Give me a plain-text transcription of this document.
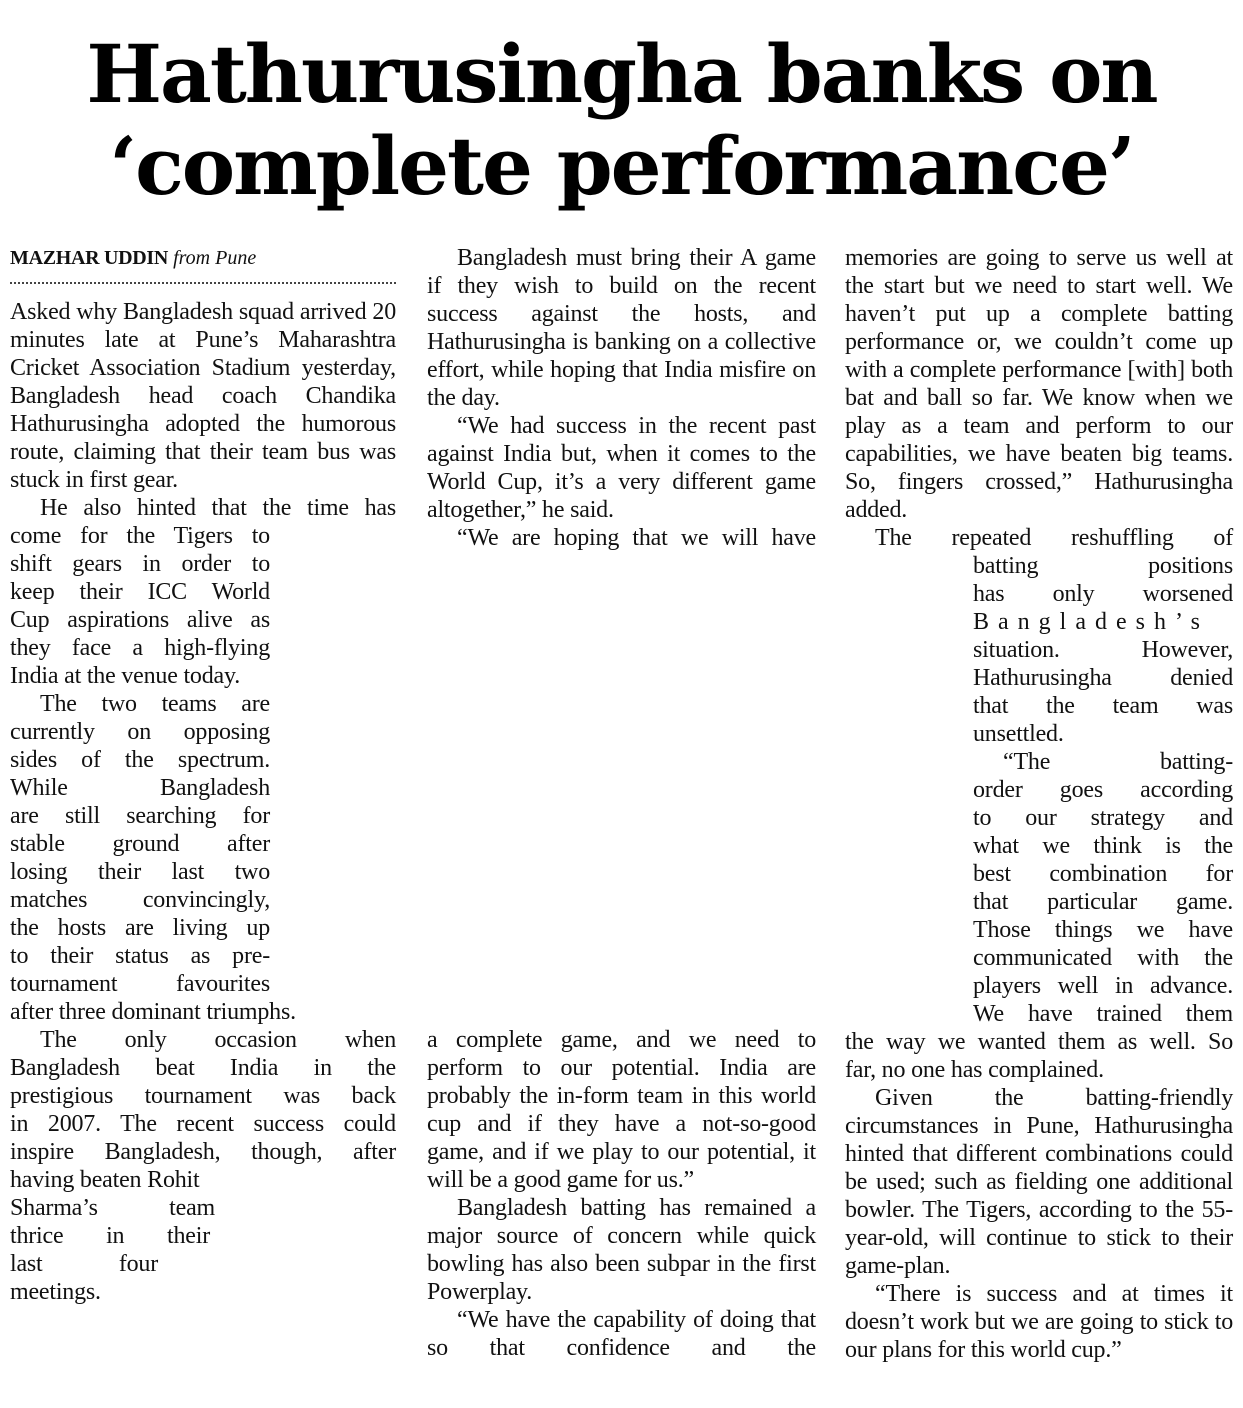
Hathurusingha banks on
‘complete performance’
MAZHAR UDDIN from Pune

Asked why Bangladesh squad arrived 20 minutes late at Pune’s Maharashtra Cricket Association Stadium yesterday, Bangladesh head coach Chandika Hathurusingha adopted the humorous route, claiming that their team bus was stuck in first gear.

He also hinted that the time has
come for the Tigers to
shift gears in order to
keep their ICC World
Cup aspirations alive as
they face a high-flying
India at the venue today.
The two teams are
currently on opposing
sides of the spectrum.
While Bangladesh
are still searching for
stable ground after
losing their last two
matches convincingly,
the hosts are living up
to their status as pre-
tournament favourites
after three dominant triumphs.
The only occasion when
Bangladesh beat India in the
prestigious tournament was back
in 2007. The recent success could
inspire Bangladesh, though, after
having beaten Rohit
Sharma’s team
thrice in their
last four
meetings.

Bangladesh must bring their A game if they wish to build on the recent success against the hosts, and Hathurusingha is banking on a collective effort, while hoping that India misfire on the day.

“We had success in the recent past against India but, when it comes to the World Cup, it’s a very different game altogether,” he said.

“We are hoping that we will have

a complete game, and we need to perform to our potential. India are probably the in-form team in this world cup and if they have a not-so-good game, and if we play to our potential, it will be a good game for us.”

Bangladesh batting has remained a major source of concern while quick bowling has also been subpar in the first Powerplay.

“We have the capability of doing that so that confidence and the

memories are going to serve us well at the start but we need to start well. We haven’t put up a complete batting performance or, we couldn’t come up with a complete performance [with] both bat and ball so far. We know when we play as a team and perform to our capabilities, we have beaten big teams. So, fingers crossed,” Hathurusingha added.

The repeated reshuffling of
batting positions
has only worsened
Bangladesh’s
situation. However,
Hathurusingha denied
that the team was
unsettled.
“The batting-
order goes according
to our strategy and
what we think is the
best combination for
that particular game.
Those things we have
communicated with the
players well in advance.
We have trained them
the way we wanted them as well. So
far, no one has complained.

Given the batting-friendly circumstances in Pune, Hathurusingha hinted that different combinations could be used; such as fielding one additional bowler. The Tigers, according to the 55-year-old, will continue to stick to their game-plan.

“There is success and at times it doesn’t work but we are going to stick to our plans for this world cup.”
